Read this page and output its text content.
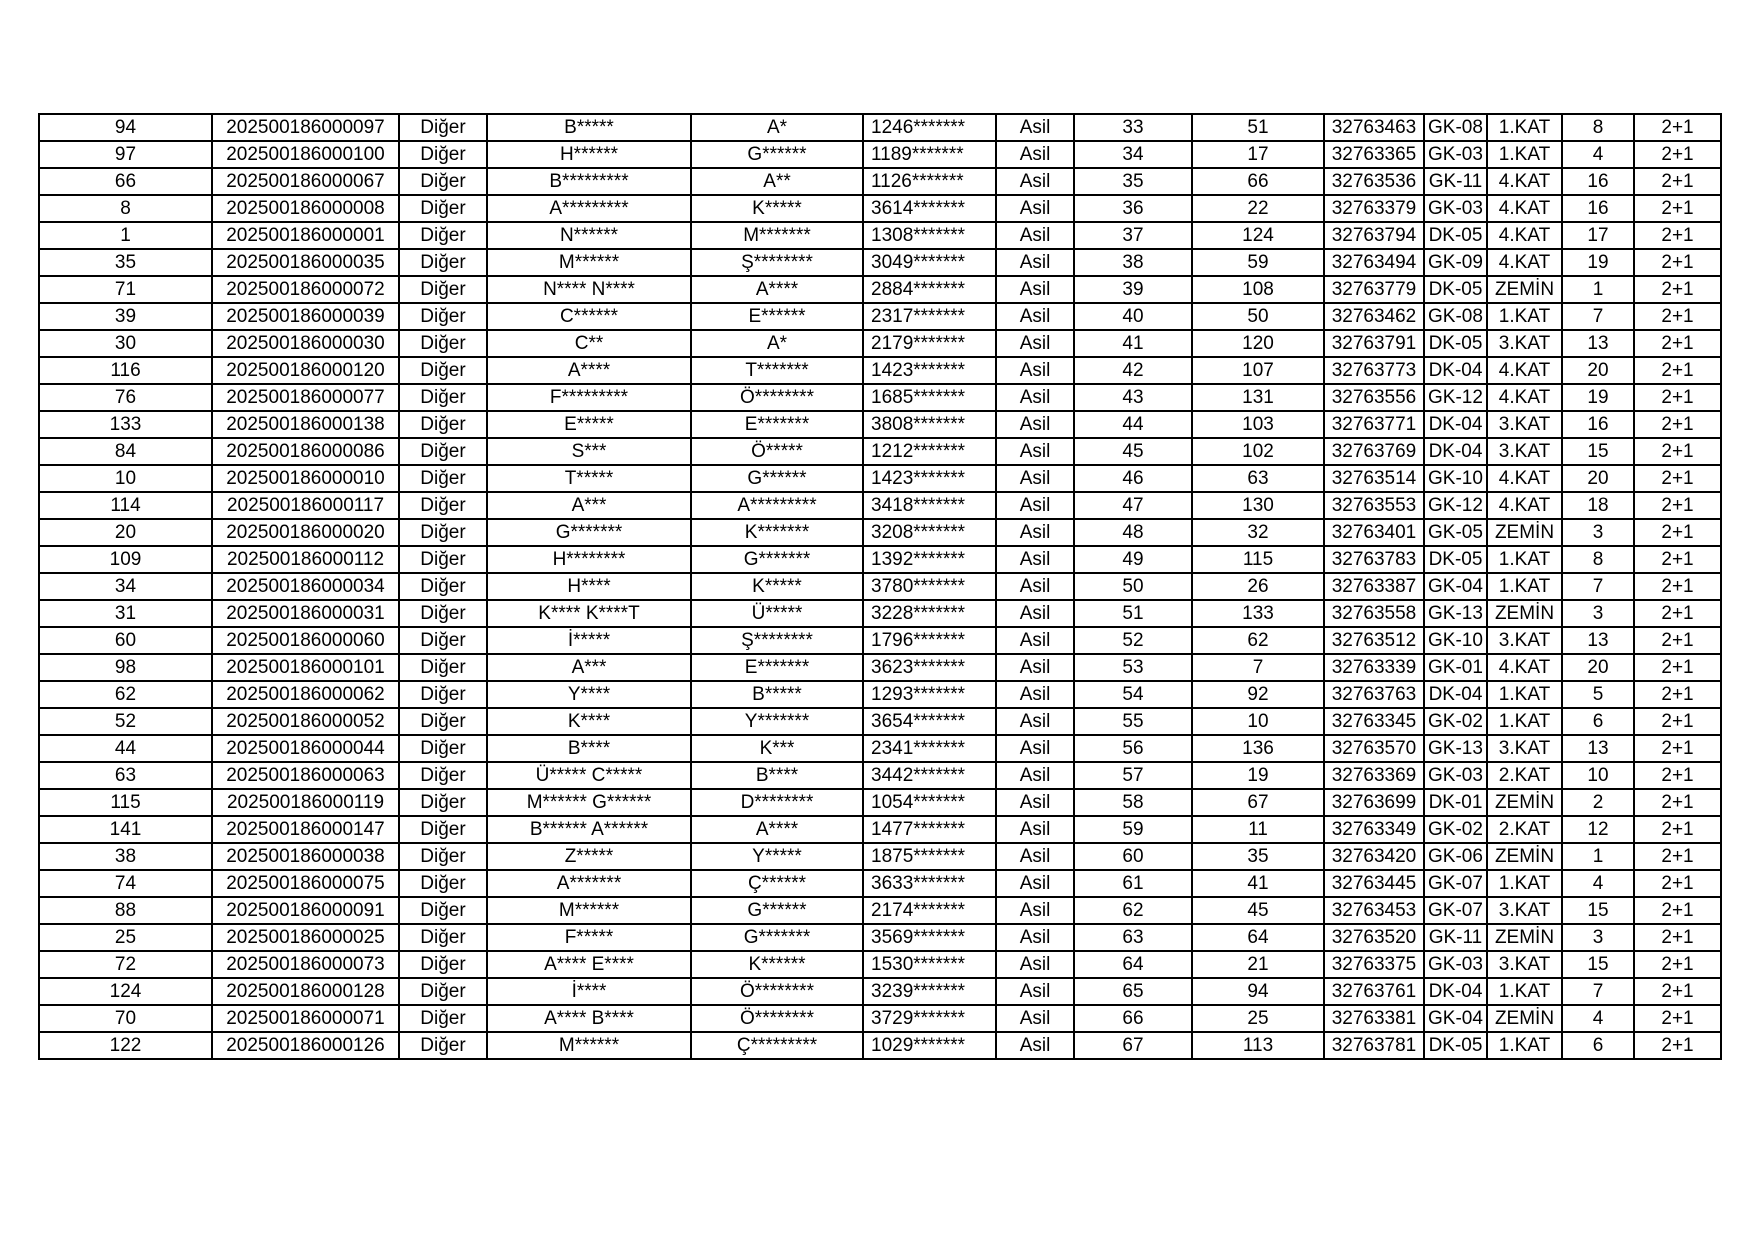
94	202500186000097	Diğer	B*****	A*	1246*******	Asil	33	51	32763463	GK-08	1.KAT	8	2+1
97	202500186000100	Diğer	H******	G******	1189*******	Asil	34	17	32763365	GK-03	1.KAT	4	2+1
66	202500186000067	Diğer	B*********	A**	1126*******	Asil	35	66	32763536	GK-11	4.KAT	16	2+1
8	202500186000008	Diğer	A*********	K*****	3614*******	Asil	36	22	32763379	GK-03	4.KAT	16	2+1
1	202500186000001	Diğer	N******	M*******	1308*******	Asil	37	124	32763794	DK-05	4.KAT	17	2+1
35	202500186000035	Diğer	M******	Ş********	3049*******	Asil	38	59	32763494	GK-09	4.KAT	19	2+1
71	202500186000072	Diğer	N**** N****	A****	2884*******	Asil	39	108	32763779	DK-05	ZEMİN	1	2+1
39	202500186000039	Diğer	C******	E******	2317*******	Asil	40	50	32763462	GK-08	1.KAT	7	2+1
30	202500186000030	Diğer	C**	A*	2179*******	Asil	41	120	32763791	DK-05	3.KAT	13	2+1
116	202500186000120	Diğer	A****	T*******	1423*******	Asil	42	107	32763773	DK-04	4.KAT	20	2+1
76	202500186000077	Diğer	F*********	Ö********	1685*******	Asil	43	131	32763556	GK-12	4.KAT	19	2+1
133	202500186000138	Diğer	E*****	E*******	3808*******	Asil	44	103	32763771	DK-04	3.KAT	16	2+1
84	202500186000086	Diğer	S***	Ö*****	1212*******	Asil	45	102	32763769	DK-04	3.KAT	15	2+1
10	202500186000010	Diğer	T*****	G******	1423*******	Asil	46	63	32763514	GK-10	4.KAT	20	2+1
114	202500186000117	Diğer	A***	A*********	3418*******	Asil	47	130	32763553	GK-12	4.KAT	18	2+1
20	202500186000020	Diğer	G*******	K*******	3208*******	Asil	48	32	32763401	GK-05	ZEMİN	3	2+1
109	202500186000112	Diğer	H********	G*******	1392*******	Asil	49	115	32763783	DK-05	1.KAT	8	2+1
34	202500186000034	Diğer	H****	K*****	3780*******	Asil	50	26	32763387	GK-04	1.KAT	7	2+1
31	202500186000031	Diğer	K**** K****T	Ü*****	3228*******	Asil	51	133	32763558	GK-13	ZEMİN	3	2+1
60	202500186000060	Diğer	İ*****	Ş********	1796*******	Asil	52	62	32763512	GK-10	3.KAT	13	2+1
98	202500186000101	Diğer	A***	E*******	3623*******	Asil	53	7	32763339	GK-01	4.KAT	20	2+1
62	202500186000062	Diğer	Y****	B*****	1293*******	Asil	54	92	32763763	DK-04	1.KAT	5	2+1
52	202500186000052	Diğer	K****	Y*******	3654*******	Asil	55	10	32763345	GK-02	1.KAT	6	2+1
44	202500186000044	Diğer	B****	K***	2341*******	Asil	56	136	32763570	GK-13	3.KAT	13	2+1
63	202500186000063	Diğer	Ü***** C*****	B****	3442*******	Asil	57	19	32763369	GK-03	2.KAT	10	2+1
115	202500186000119	Diğer	M****** G******	D********	1054*******	Asil	58	67	32763699	DK-01	ZEMİN	2	2+1
141	202500186000147	Diğer	B****** A******	A****	1477*******	Asil	59	11	32763349	GK-02	2.KAT	12	2+1
38	202500186000038	Diğer	Z*****	Y*****	1875*******	Asil	60	35	32763420	GK-06	ZEMİN	1	2+1
74	202500186000075	Diğer	A*******	Ç******	3633*******	Asil	61	41	32763445	GK-07	1.KAT	4	2+1
88	202500186000091	Diğer	M******	G******	2174*******	Asil	62	45	32763453	GK-07	3.KAT	15	2+1
25	202500186000025	Diğer	F*****	G*******	3569*******	Asil	63	64	32763520	GK-11	ZEMİN	3	2+1
72	202500186000073	Diğer	A**** E****	K******	1530*******	Asil	64	21	32763375	GK-03	3.KAT	15	2+1
124	202500186000128	Diğer	İ****	Ö********	3239*******	Asil	65	94	32763761	DK-04	1.KAT	7	2+1
70	202500186000071	Diğer	A**** B****	Ö********	3729*******	Asil	66	25	32763381	GK-04	ZEMİN	4	2+1
122	202500186000126	Diğer	M******	Ç*********	1029*******	Asil	67	113	32763781	DK-05	1.KAT	6	2+1
